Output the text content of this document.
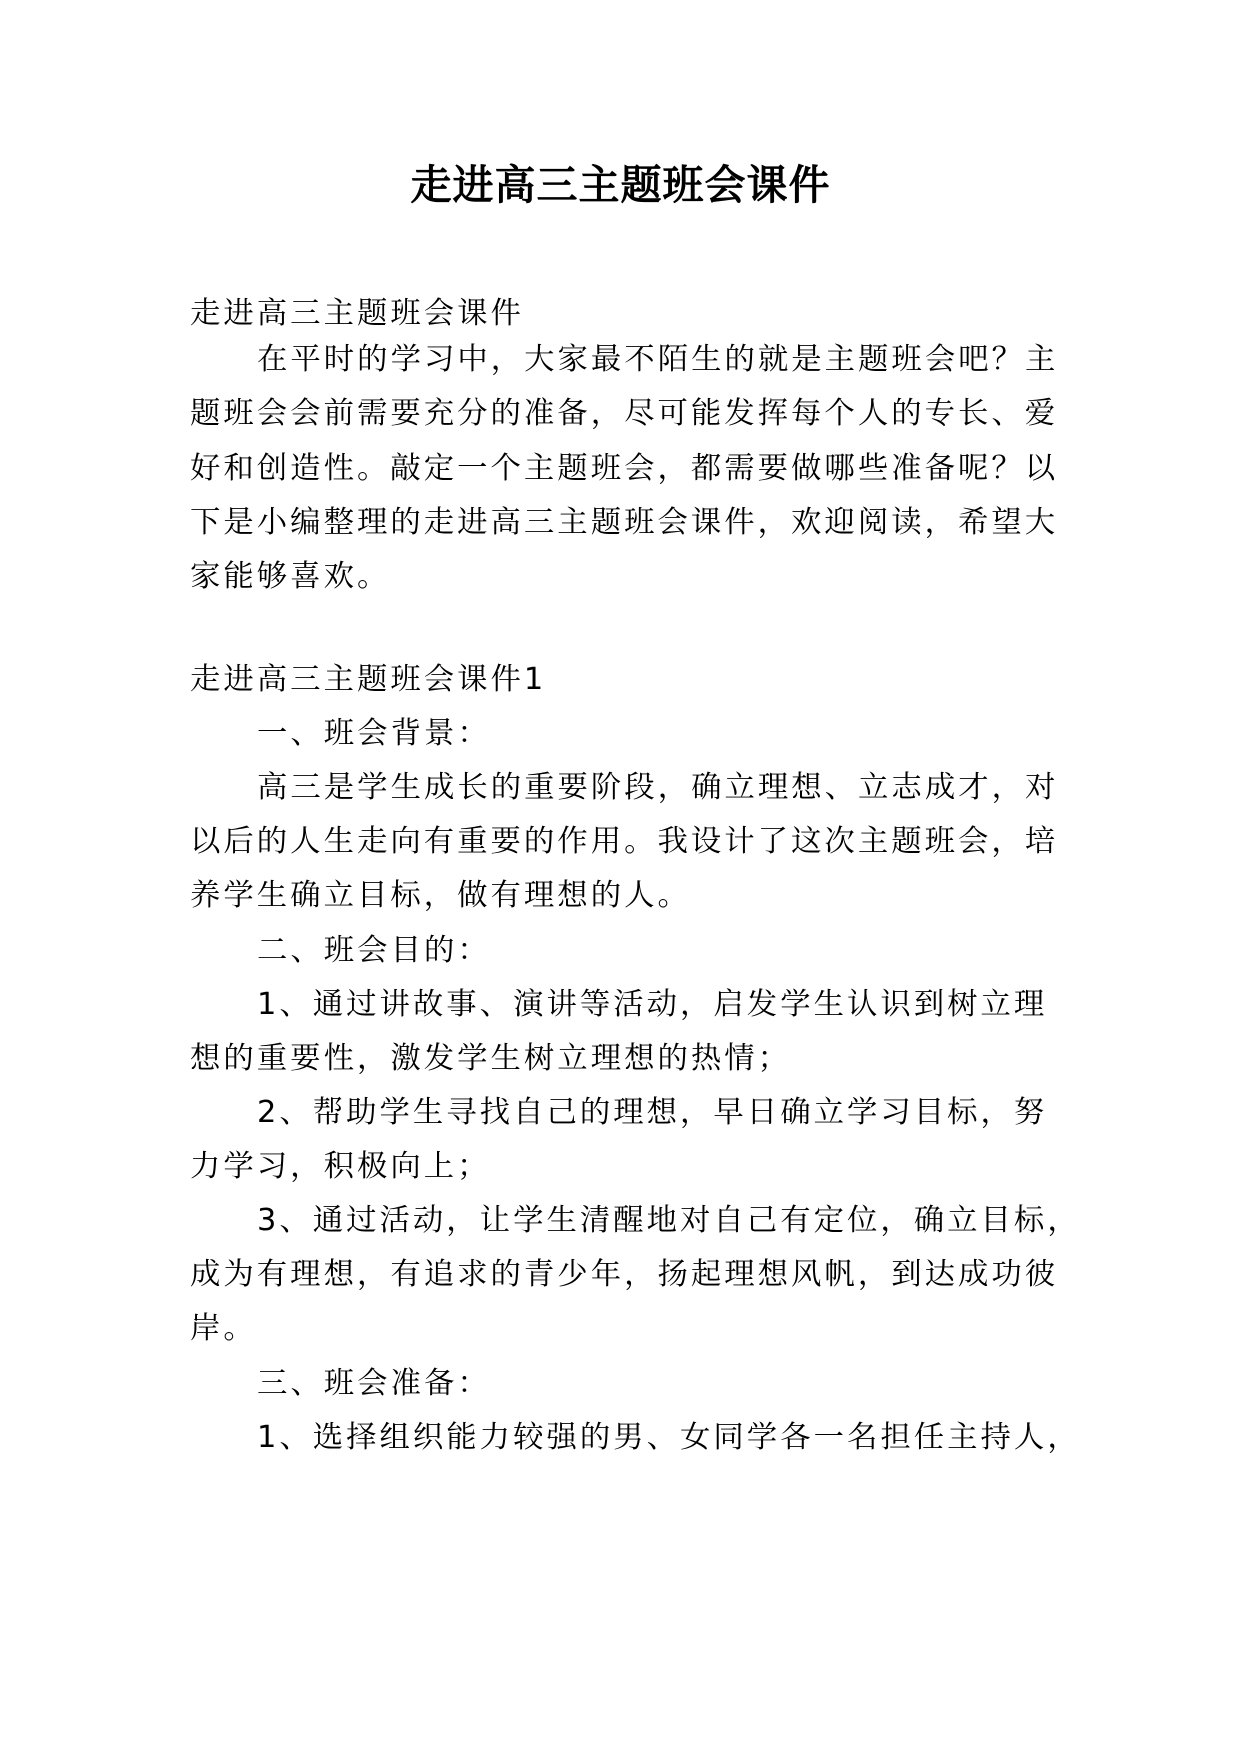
走进高三主题班会课件

走进高三主题班会课件

在平时的学习中，大家最不陌生的就是主题班会吧？主

题班会会前需要充分的准备，尽可能发挥每个人的专长、爱

好和创造性。敲定一个主题班会，都需要做哪些准备呢？以

下是小编整理的走进高三主题班会课件，欢迎阅读，希望大

家能够喜欢。

走进高三主题班会课件1

一、班会背景：

高三是学生成长的重要阶段，确立理想、立志成才，对

以后的人生走向有重要的作用。我设计了这次主题班会，培

养学生确立目标，做有理想的人。

二、班会目的：

1、通过讲故事、演讲等活动，启发学生认识到树立理

想的重要性，激发学生树立理想的热情；

2、帮助学生寻找自己的理想，早日确立学习目标，努

力学习，积极向上；

3、通过活动，让学生清醒地对自己有定位，确立目标，

成为有理想，有追求的青少年，扬起理想风帆，到达成功彼

岸。

三、班会准备：

1、选择组织能力较强的男、女同学各一名担任主持人，
